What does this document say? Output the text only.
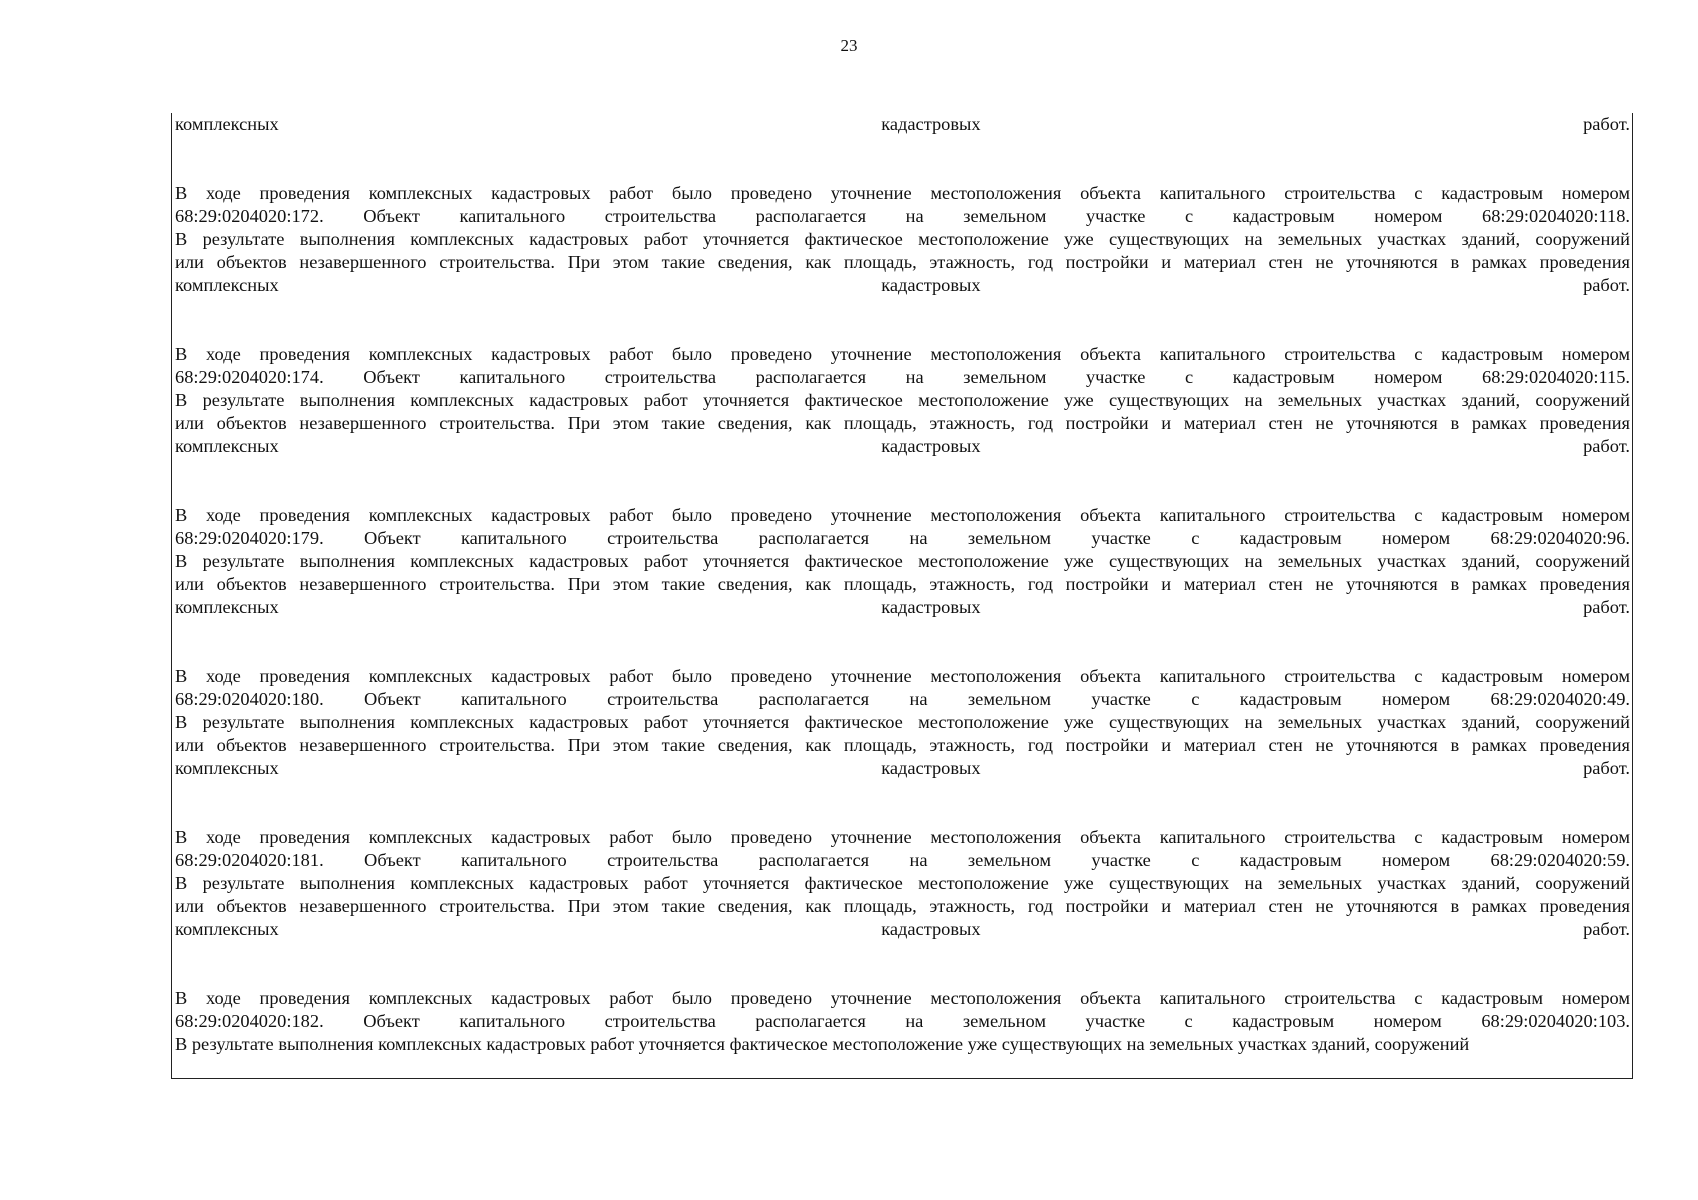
23
комплексных кадастровых работ.
В ходе проведения комплексных кадастровых работ было проведено уточнение местоположения объекта капитального строительства с кадастровым номером
68:29:0204020:172. Объект капитального строительства располагается на земельном участке с кадастровым номером 68:29:0204020:118.
В результате выполнения комплексных кадастровых работ уточняется фактическое местоположение уже существующих на земельных участках зданий, сооружений
или объектов незавершенного строительства. При этом такие сведения, как площадь, этажность, год постройки и материал стен не уточняются в рамках проведения
комплексных кадастровых работ.
В ходе проведения комплексных кадастровых работ было проведено уточнение местоположения объекта капитального строительства с кадастровым номером
68:29:0204020:174. Объект капитального строительства располагается на земельном участке с кадастровым номером 68:29:0204020:115.
В результате выполнения комплексных кадастровых работ уточняется фактическое местоположение уже существующих на земельных участках зданий, сооружений
или объектов незавершенного строительства. При этом такие сведения, как площадь, этажность, год постройки и материал стен не уточняются в рамках проведения
комплексных кадастровых работ.
В ходе проведения комплексных кадастровых работ было проведено уточнение местоположения объекта капитального строительства с кадастровым номером
68:29:0204020:179. Объект капитального строительства располагается на земельном участке с кадастровым номером 68:29:0204020:96.
В результате выполнения комплексных кадастровых работ уточняется фактическое местоположение уже существующих на земельных участках зданий, сооружений
или объектов незавершенного строительства. При этом такие сведения, как площадь, этажность, год постройки и материал стен не уточняются в рамках проведения
комплексных кадастровых работ.
В ходе проведения комплексных кадастровых работ было проведено уточнение местоположения объекта капитального строительства с кадастровым номером
68:29:0204020:180. Объект капитального строительства располагается на земельном участке с кадастровым номером 68:29:0204020:49.
В результате выполнения комплексных кадастровых работ уточняется фактическое местоположение уже существующих на земельных участках зданий, сооружений
или объектов незавершенного строительства. При этом такие сведения, как площадь, этажность, год постройки и материал стен не уточняются в рамках проведения
комплексных кадастровых работ.
В ходе проведения комплексных кадастровых работ было проведено уточнение местоположения объекта капитального строительства с кадастровым номером
68:29:0204020:181. Объект капитального строительства располагается на земельном участке с кадастровым номером 68:29:0204020:59.
В результате выполнения комплексных кадастровых работ уточняется фактическое местоположение уже существующих на земельных участках зданий, сооружений
или объектов незавершенного строительства. При этом такие сведения, как площадь, этажность, год постройки и материал стен не уточняются в рамках проведения
комплексных кадастровых работ.
В ходе проведения комплексных кадастровых работ было проведено уточнение местоположения объекта капитального строительства с кадастровым номером
68:29:0204020:182. Объект капитального строительства располагается на земельном участке с кадастровым номером 68:29:0204020:103.
В результате выполнения комплексных кадастровых работ уточняется фактическое местоположение уже существующих на земельных участках зданий, сооружений
